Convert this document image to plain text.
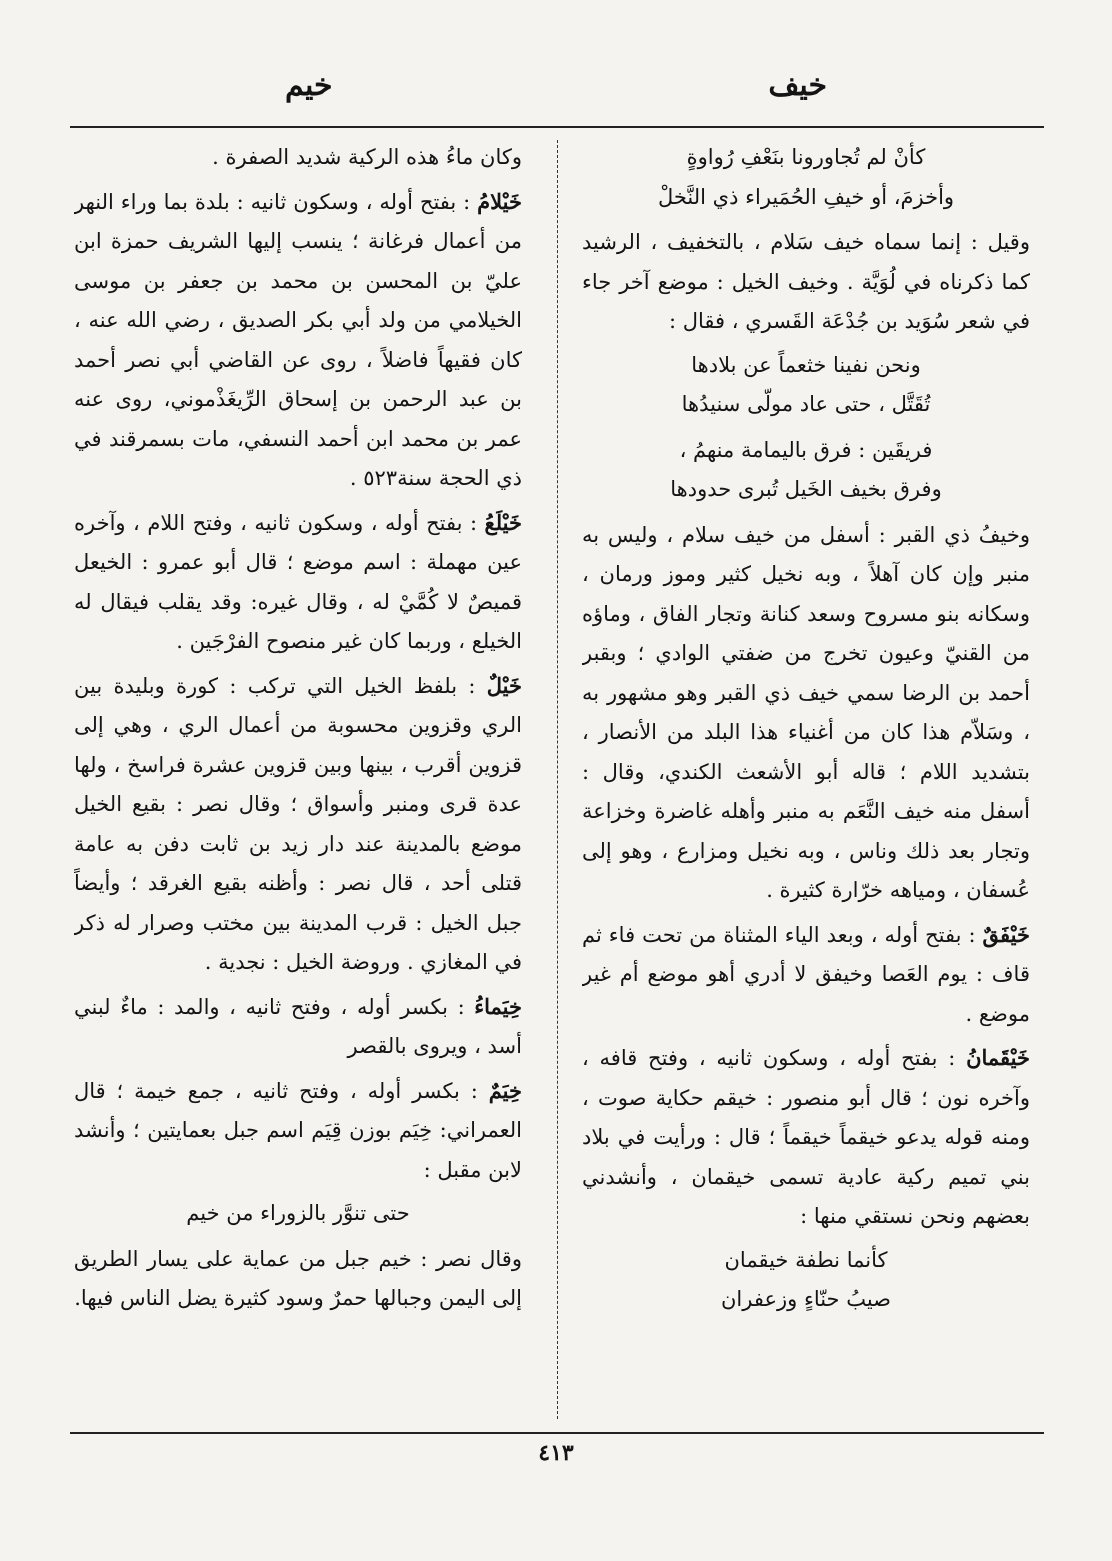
خيف
خيم

كأنْ لم تُجاورونا بنَعْفِ رُواوةٍ
وأخزمَ، أو خيفِ الحُمَيراء ذي النَّخلْ

وقيل : إنما سماه خيف سَلام ، بالتخفيف ، الرشيد كما ذكرناه في لُوَيَّة . وخيف الخيل : موضع آخر جاء في شعر سُوَيد بن جُدْعَة القَسري ، فقال :

ونحن نفينا خثعماً عن بلادها
تُقَتَّل ، حتى عاد مولّى سنيدُها

فريقَين : فرق باليمامة منهمُ ،
وفرق بخيف الخَيل تُبرى حدودها

وخيفُ ذي القبر : أسفل من خيف سلام ، وليس به منبر وإن كان آهلاً ، وبه نخيل كثير وموز ورمان ، وسكانه بنو مسروح وسعد كنانة وتجار الفاق ، وماؤه من القنيّ وعيون تخرج من ضفتي الوادي ؛ وبقبر أحمد بن الرضا سمي خيف ذي القبر وهو مشهور به ، وسَلاّم هذا كان من أغنياء هذا البلد من الأنصار ، بتشديد اللام ؛ قاله أبو الأشعث الكندي، وقال : أسفل منه خيف النَّعَم به منبر وأهله غاضرة وخزاعة وتجار بعد ذلك وناس ، وبه نخيل ومزارع ، وهو إلى عُسفان ، ومياهه خرّارة كثيرة .

خَيْفَقٌ : بفتح أوله ، وبعد الياء المثناة من تحت فاء ثم قاف : يوم العَصا وخيفق لا أدري أهو موضع أم غير موضع .

خَيْقَمانُ : بفتح أوله ، وسكون ثانيه ، وفتح قافه ، وآخره نون ؛ قال أبو منصور : خيقم حكاية صوت ، ومنه قوله يدعو خيقماً خيقماً ؛ قال : ورأيت في بلاد بني تميم ركية عادية تسمى خيقمان ، وأنشدني بعضهم ونحن نستقي منها :

كأنما نطفة خيقمان
صيبُ حنّاءٍ وزعفران

وكان ماءُ هذه الركية شديد الصفرة .

خَيْلامُ : بفتح أوله ، وسكون ثانيه : بلدة بما وراء النهر من أعمال فرغانة ؛ ينسب إليها الشريف حمزة ابن عليّ بن المحسن بن محمد بن جعفر بن موسى الخيلامي من ولد أبي بكر الصديق ، رضي الله عنه ، كان فقيهاً فاضلاً ، روى عن القاضي أبي نصر أحمد بن عبد الرحمن بن إسحاق الرِّيغَذْموني، روى عنه عمر بن محمد ابن أحمد النسفي، مات بسمرقند في ذي الحجة سنة٥٢٣ .

خَيْلَعُ : بفتح أوله ، وسكون ثانيه ، وفتح اللام ، وآخره عين مهملة : اسم موضع ؛ قال أبو عمرو : الخيعل قميصٌ لا كُمَّيْ له ، وقال غيره: وقد يقلب فيقال له الخيلع ، وربما كان غير منصوح الفرْجَين .

خَيْلٌ : بلفظ الخيل التي تركب : كورة وبليدة بين الري وقزوين محسوبة من أعمال الري ، وهي إلى قزوين أقرب ، بينها وبين قزوين عشرة فراسخ ، ولها عدة قرى ومنبر وأسواق ؛ وقال نصر : بقيع الخيل موضع بالمدينة عند دار زيد بن ثابت دفن به عامة قتلى أحد ، قال نصر : وأظنه بقيع الغرقد ؛ وأيضاً جبل الخيل : قرب المدينة بين مختب وصرار له ذكر في المغازي . وروضة الخيل : نجدية .

خِيَماءُ : بكسر أوله ، وفتح ثانيه ، والمد : ماءٌ لبني أسد ، ويروى بالقصر

خِيَمٌ : بكسر أوله ، وفتح ثانيه ، جمع خيمة ؛ قال العمراني: خِيَم بوزن قِيَم اسم جبل بعمايتين ؛ وأنشد لابن مقبل :

حتى تنوَّر بالزوراء من خيم

وقال نصر : خيم جبل من عماية على يسار الطريق إلى اليمن وجبالها حمرٌ وسود كثيرة يضل الناس فيها.

٤١٣
